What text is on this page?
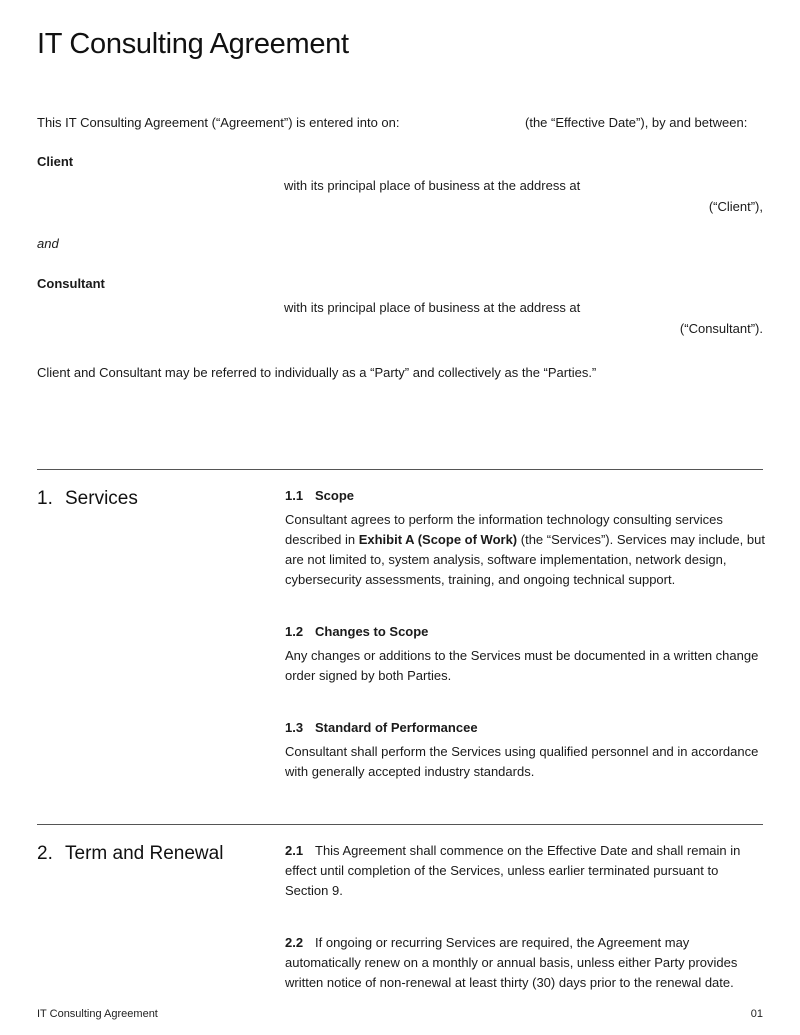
IT Consulting Agreement
This IT Consulting Agreement (“Agreement”) is entered into on:	(the “Effective Date”), by and between:
Client
with its principal place of business at the address at
(“Client”),
and
Consultant
with its principal place of business at the address at
(“Consultant”).
Client and Consultant may be referred to individually as a “Party” and collectively as the “Parties.”
1. Services	1.1 Scope

Consultant agrees to perform the information technology consulting services described in Exhibit A (Scope of Work) (the “Services”). Services may include, but are not limited to, system analysis, software implementation, network design, cybersecurity assessments, training, and ongoing technical support.

1.2 Changes to Scope

Any changes or additions to the Services must be documented in a written change order signed by both Parties.

1.3 Standard of Performancee

Consultant shall perform the Services using qualified personnel and in accordance with generally accepted industry standards.

2. Term and Renewal	2.1 This Agreement shall commence on the Effective Date and shall remain in effect until completion of the Services, unless earlier terminated pursuant to Section 9.

2.2 If ongoing or recurring Services are required, the Agreement may automatically renew on a monthly or annual basis, unless either Party provides written notice of non-renewal at least thirty (30) days prior to the renewal date.

IT Consulting Agreement	01
